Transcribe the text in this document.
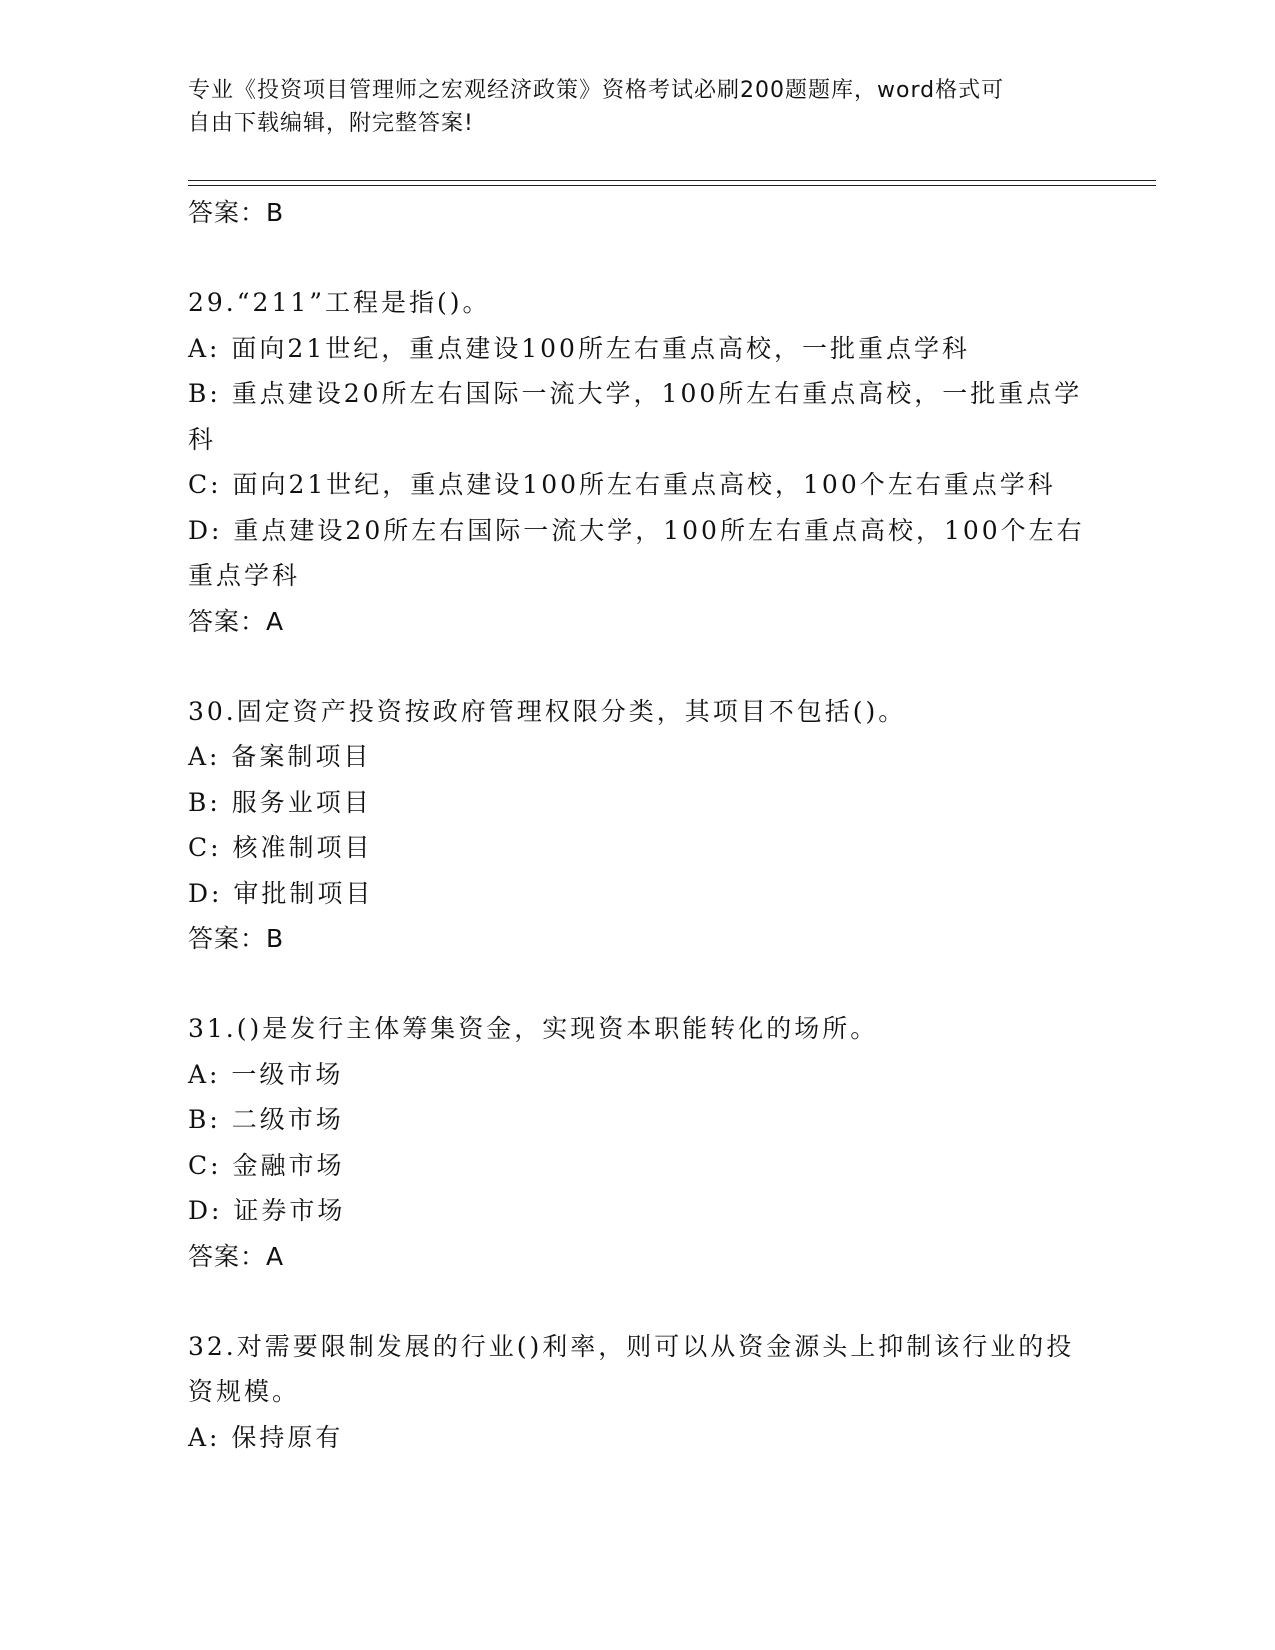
专业《投资项目管理师之宏观经济政策》资格考试必刷200题题库，word格式可
自由下载编辑，附完整答案!

答案：B

29.“211”工程是指()。

A: 面向21世纪，重点建设100所左右重点高校，一批重点学科
B: 重点建设20所左右国际一流大学，100所左右重点高校，一批重点学科
C: 面向21世纪，重点建设100所左右重点高校，100个左右重点学科
D: 重点建设20所左右国际一流大学，100所左右重点高校，100个左右重点学科

答案：A

30.固定资产投资按政府管理权限分类，其项目不包括()。

A: 备案制项目
B: 服务业项目
C: 核准制项目
D: 审批制项目

答案：B

31.()是发行主体筹集资金，实现资本职能转化的场所。

A: 一级市场
B: 二级市场
C: 金融市场
D: 证券市场

答案：A

32.对需要限制发展的行业()利率，则可以从资金源头上抑制该行业的投资规模。

A: 保持原有
